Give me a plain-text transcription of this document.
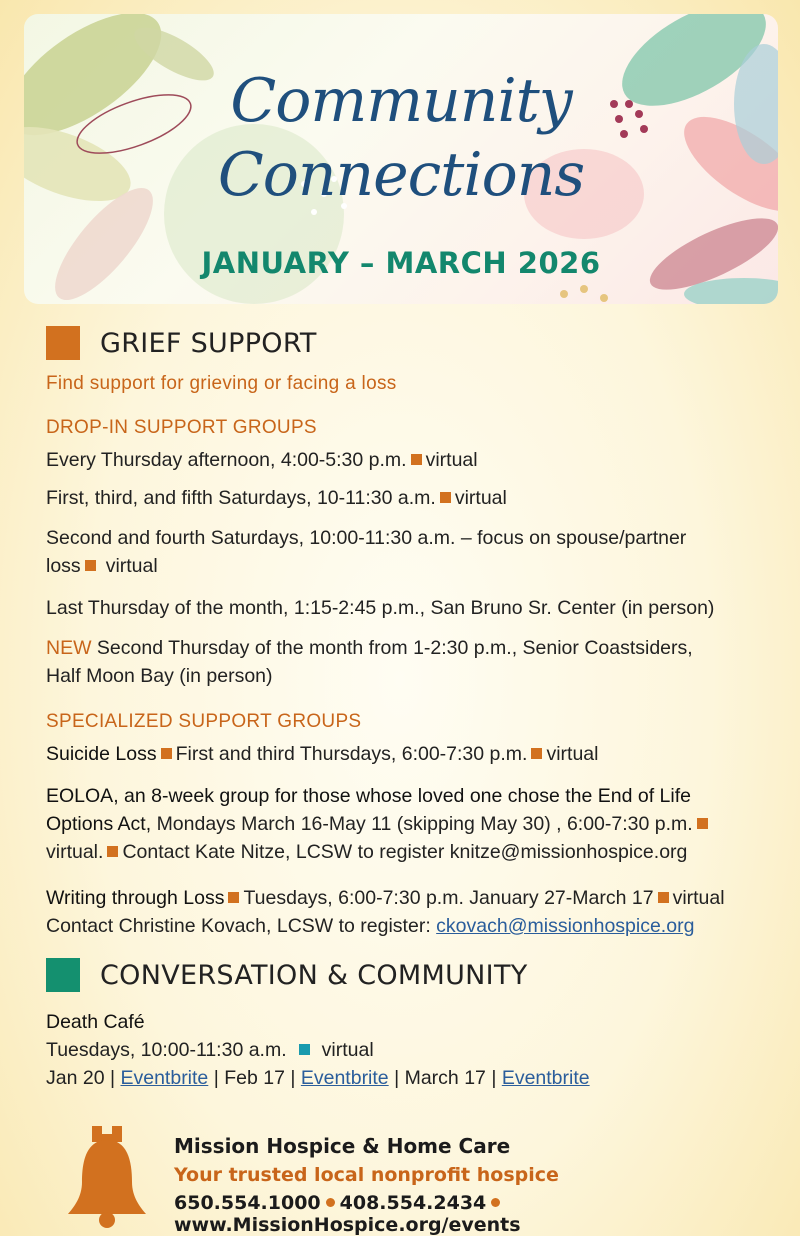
Community
Connections
JANUARY – MARCH 2026
GRIEF SUPPORT
Find support for grieving or facing a loss
DROP-IN SUPPORT GROUPS
Every Thursday afternoon, 4:00-5:30 p.m. virtual
First, third, and fifth Saturdays, 10-11:30 a.m. virtual
Second and fourth Saturdays, 10:00-11:30 a.m. – focus on spouse/partner
loss virtual
Last Thursday of the month, 1:15-2:45 p.m., San Bruno Sr. Center (in person)
NEW Second Thursday of the month from 1-2:30 p.m., Senior Coastsiders,
Half Moon Bay (in person)
SPECIALIZED SUPPORT GROUPS
Suicide Loss First and third Thursdays, 6:00-7:30 p.m. virtual
EOLOA, an 8-week group for those whose loved one chose the End of Life
Options Act, Mondays March 16-May 11 (skipping May 30) , 6:00-7:30 p.m.
virtual. Contact Kate Nitze, LCSW to register knitze@missionhospice.org
Writing through Loss Tuesdays, 6:00-7:30 p.m. January 27-March 17 virtual
Contact Christine Kovach, LCSW to register: ckovach@missionhospice.org
CONVERSATION & COMMUNITY
Death Café
Tuesdays, 10:00-11:30 a.m. virtual
Jan 20 | Eventbrite | Feb 17 | Eventbrite | March 17 | Eventbrite
Mission Hospice & Home Care
Your trusted local nonprofit hospice
650.554.1000 408.554.2434www.MissionHospice.org/events
